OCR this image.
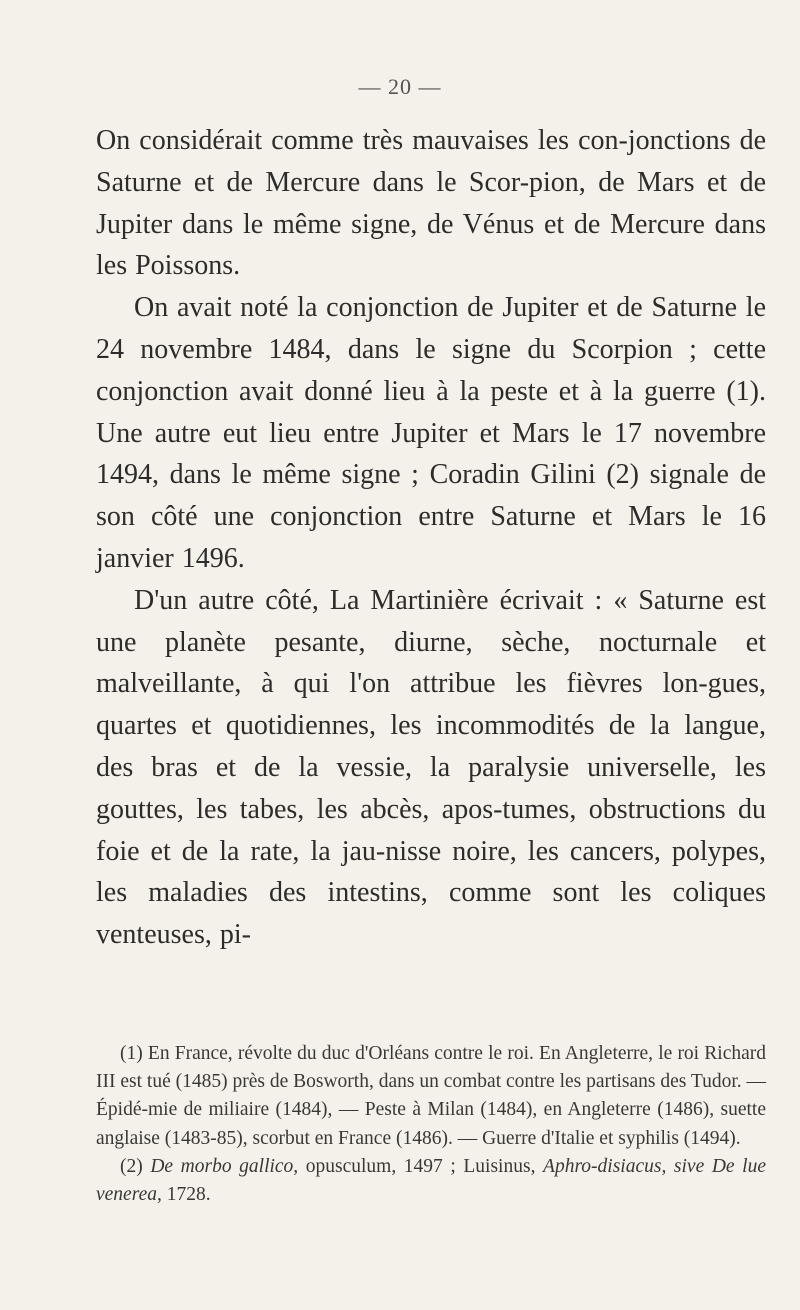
— 20 —

On considérait comme très mauvaises les con-jonctions de Saturne et de Mercure dans le Scor-pion, de Mars et de Jupiter dans le même signe, de Vénus et de Mercure dans les Poissons.

On avait noté la conjonction de Jupiter et de Saturne le 24 novembre 1484, dans le signe du Scorpion ; cette conjonction avait donné lieu à la peste et à la guerre (1). Une autre eut lieu entre Jupiter et Mars le 17 novembre 1494, dans le même signe ; Coradin Gilini (2) signale de son côté une conjonction entre Saturne et Mars le 16 janvier 1496.

D'un autre côté, La Martinière écrivait : « Saturne est une planète pesante, diurne, sèche, nocturnale et malveillante, à qui l'on attribue les fièvres lon-gues, quartes et quotidiennes, les incommodités de la langue, des bras et de la vessie, la paralysie universelle, les gouttes, les tabes, les abcès, apos-tumes, obstructions du foie et de la rate, la jau-nisse noire, les cancers, polypes, les maladies des intestins, comme sont les coliques venteuses, pi-

(1) En France, révolte du duc d'Orléans contre le roi. En Angleterre, le roi Richard III est tué (1485) près de Bosworth, dans un combat contre les partisans des Tudor. — Épidé-mie de miliaire (1484), — Peste à Milan (1484), en Angleterre (1486), suette anglaise (1483-85), scorbut en France (1486). — Guerre d'Italie et syphilis (1494).

(2) De morbo gallico, opusculum, 1497 ; Luisinus, Aphro-disiacus, sive De lue venerea, 1728.
